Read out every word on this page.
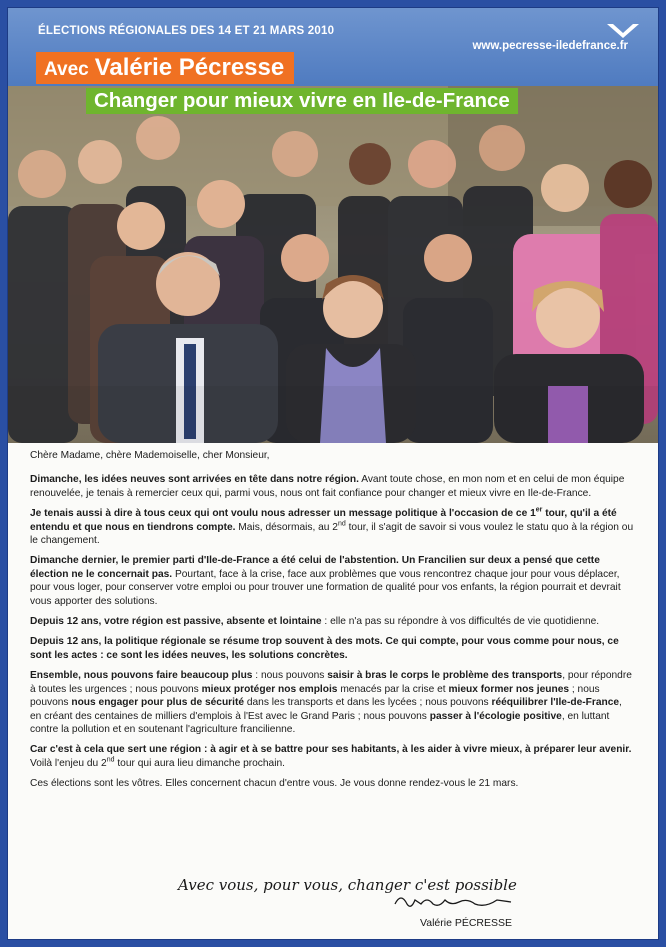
ÉLECTIONS RÉGIONALES DES 14 ET 21 MARS 2010
www.pecresse-iledefrance.fr
Avec Valérie Pécresse
Changer pour mieux vivre en Ile-de-France

Chère Madame, chère Mademoiselle, cher Monsieur,

Dimanche, les idées neuves sont arrivées en tête dans notre région. Avant toute chose, en mon nom et en celui de mon équipe renouvelée, je tenais à remercier ceux qui, parmi vous, nous ont fait confiance pour changer et mieux vivre en Ile-de-France.

Je tenais aussi à dire à tous ceux qui ont voulu nous adresser un message politique à l'occasion de ce 1er tour, qu'il a été entendu et que nous en tiendrons compte. Mais, désormais, au 2nd tour, il s'agit de savoir si vous voulez le statu quo à la région ou le changement.

Dimanche dernier, le premier parti d'Ile-de-France a été celui de l'abstention. Un Francilien sur deux a pensé que cette élection ne le concernait pas. Pourtant, face à la crise, face aux problèmes que vous rencontrez chaque jour pour vous déplacer, pour vous loger, pour conserver votre emploi ou pour trouver une formation de qualité pour vos enfants, la région pourrait et devrait vous apporter des solutions.

Depuis 12 ans, votre région est passive, absente et lointaine : elle n'a pas su répondre à vos difficultés de vie quotidienne.

Depuis 12 ans, la politique régionale se résume trop souvent à des mots. Ce qui compte, pour vous comme pour nous, ce sont les actes : ce sont les idées neuves, les solutions concrètes.

Ensemble, nous pouvons faire beaucoup plus : nous pouvons saisir à bras le corps le problème des transports, pour répondre à toutes les urgences ; nous pouvons mieux protéger nos emplois menacés par la crise et mieux former nos jeunes ; nous pouvons nous engager pour plus de sécurité dans les transports et dans les lycées ; nous pouvons rééquilibrer l'Ile-de-France, en créant des centaines de milliers d'emplois à l'Est avec le Grand Paris ; nous pouvons passer à l'écologie positive, en luttant contre la pollution et en soutenant l'agriculture francilienne.

Car c'est à cela que sert une région : à agir et à se battre pour ses habitants, à les aider à vivre mieux, à préparer leur avenir. Voilà l'enjeu du 2nd tour qui aura lieu dimanche prochain.

Ces élections sont les vôtres. Elles concernent chacun d'entre vous. Je vous donne rendez-vous le 21 mars.

Avec vous, pour vous, changer c'est possible
Valérie PÉCRESSE
